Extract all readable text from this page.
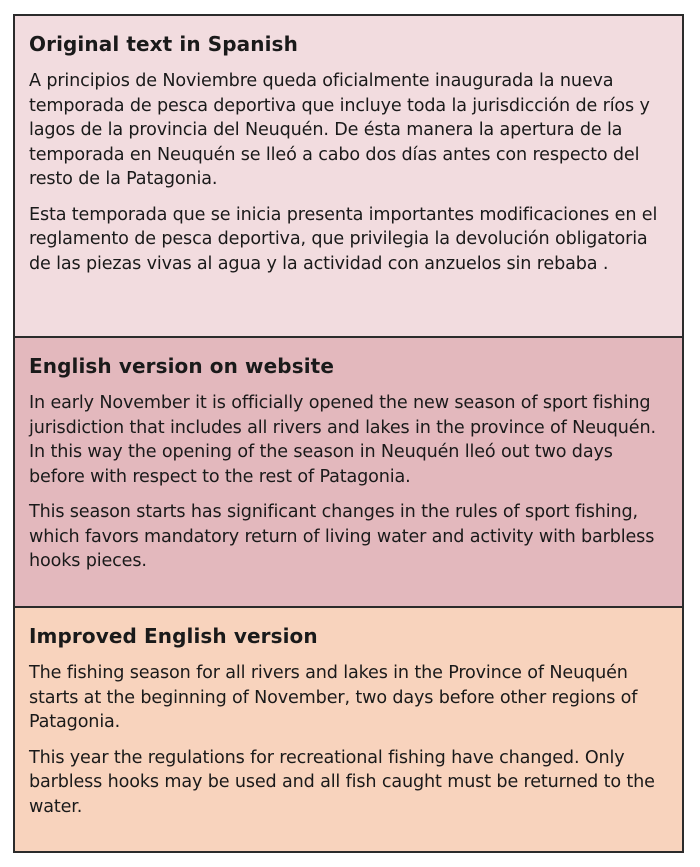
Original text in Spanish

A principios de Noviembre queda oficialmente inaugurada la nueva temporada de pesca deportiva que incluye toda la jurisdicción de ríos y lagos de la provincia del Neuquén. De ésta manera la apertura de la temporada en Neuquén se lleó a cabo dos días antes con respecto del resto de la Patagonia.

Esta temporada que se inicia presenta importantes modificaciones en el reglamento de pesca deportiva, que privilegia la devolución obligatoria de las piezas vivas al agua y la actividad con anzuelos sin rebaba .

English version on website

In early November it is officially opened the new season of sport fishing jurisdiction that includes all rivers and lakes in the province of Neuquén. In this way the opening of the season in Neuquén lleó out two days before with respect to the rest of Patagonia.

This season starts has significant changes in the rules of sport fishing, which favors mandatory return of living water and activity with barbless hooks pieces.

Improved English version

The fishing season for all rivers and lakes in the Province of Neuquén starts at the beginning of November, two days before other regions of Patagonia.

This year the regulations for recreational fishing have changed. Only barbless hooks may be used and all fish caught must be returned to the water.
